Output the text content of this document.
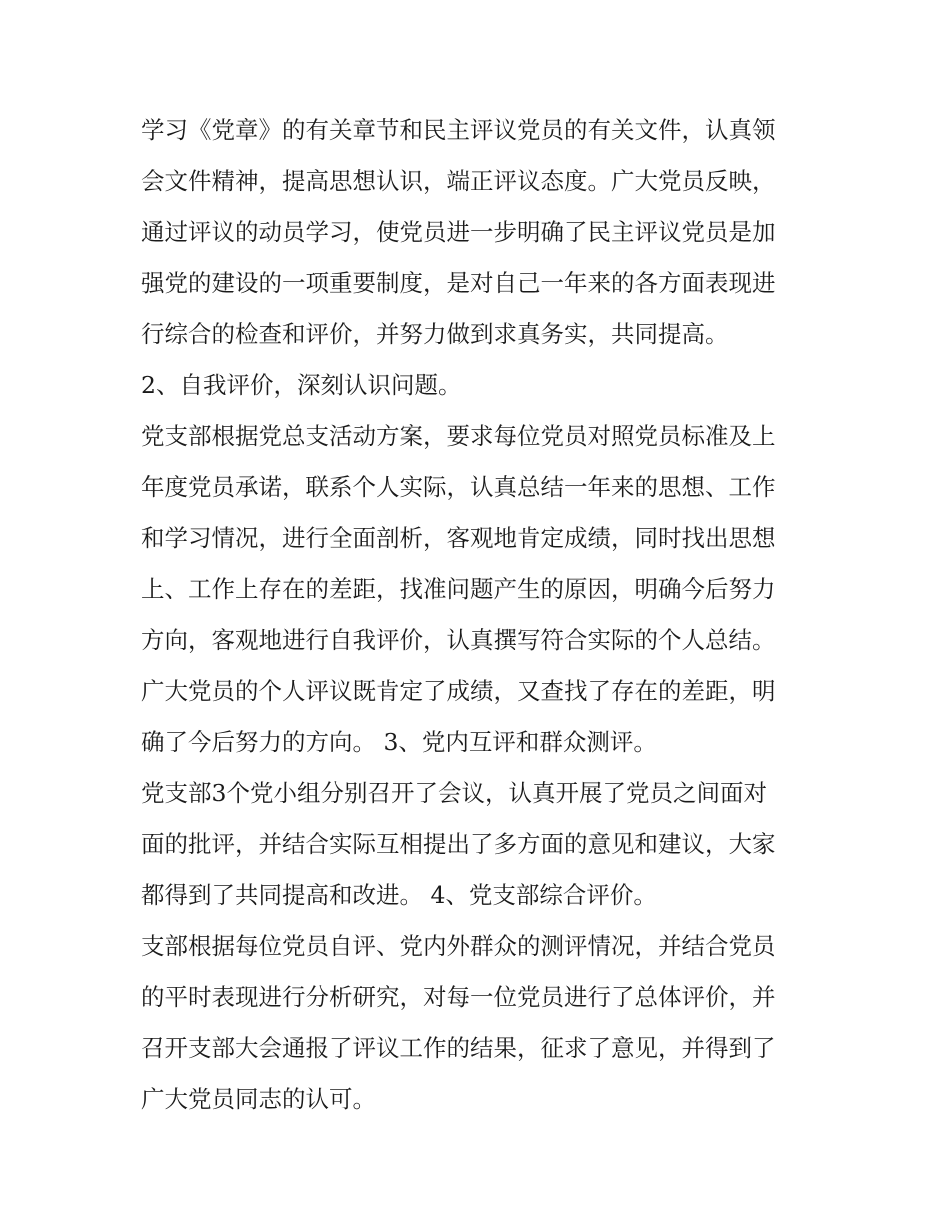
学习《党章》的有关章节和民主评议党员的有关文件，认真领
会文件精神，提高思想认识，端正评议态度。广大党员反映，
通过评议的动员学习，使党员进一步明确了民主评议党员是加
强党的建设的一项重要制度，是对自己一年来的各方面表现进
行综合的检查和评价，并努力做到求真务实，共同提高。
2、自我评价，深刻认识问题。
党支部根据党总支活动方案，要求每位党员对照党员标准及上
年度党员承诺，联系个人实际，认真总结一年来的思想、工作
和学习情况，进行全面剖析，客观地肯定成绩，同时找出思想
上、工作上存在的差距，找准问题产生的原因，明确今后努力
方向，客观地进行自我评价，认真撰写符合实际的个人总结。
广大党员的个人评议既肯定了成绩，又查找了存在的差距，明
确了今后努力的方向。 3、党内互评和群众测评。
党支部3个党小组分别召开了会议，认真开展了党员之间面对
面的批评，并结合实际互相提出了多方面的意见和建议，大家
都得到了共同提高和改进。 4、党支部综合评价。
支部根据每位党员自评、党内外群众的测评情况，并结合党员
的平时表现进行分析研究，对每一位党员进行了总体评价，并
召开支部大会通报了评议工作的结果，征求了意见，并得到了
广大党员同志的认可。
